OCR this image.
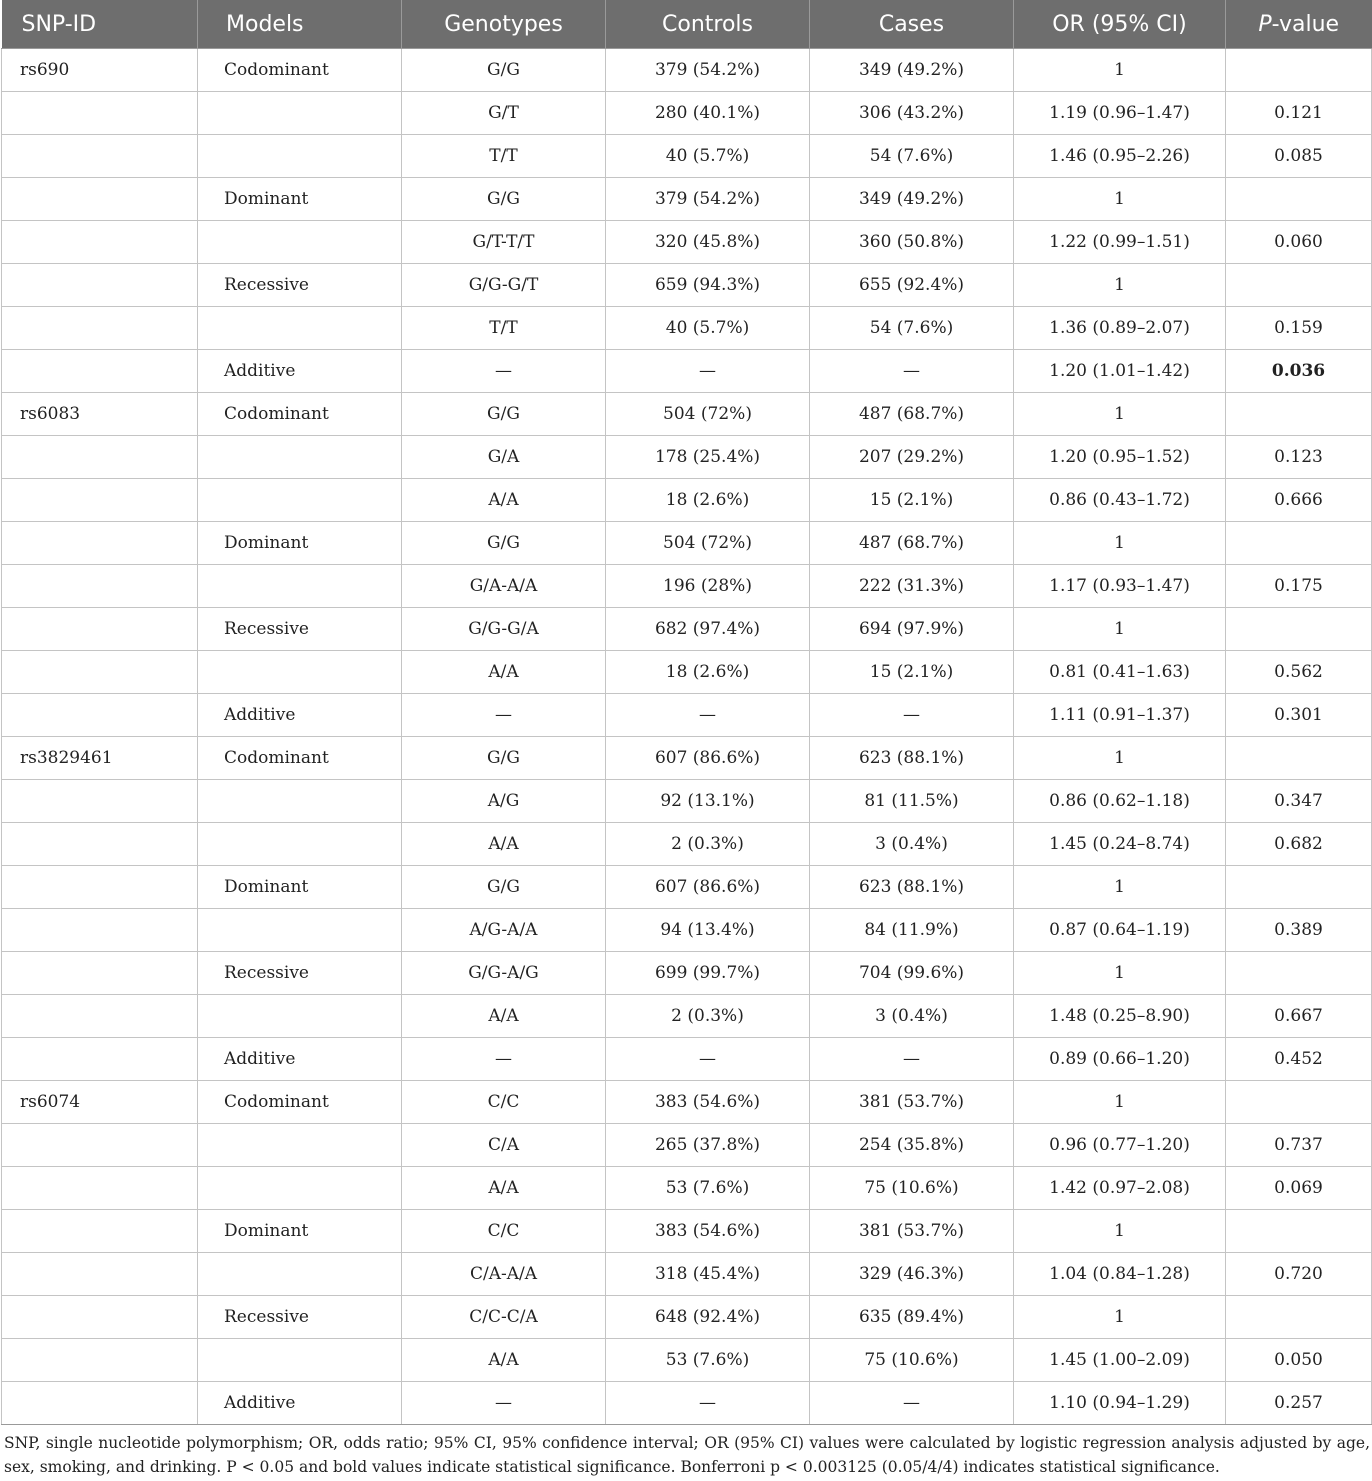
SNP-ID	Models	Genotypes	Controls	Cases	OR (95% CI)	P-value
rs690	Codominant	G/G	379 (54.2%)	349 (49.2%)	1	
		G/T	280 (40.1%)	306 (43.2%)	1.19 (0.96–1.47)	0.121
		T/T	40 (5.7%)	54 (7.6%)	1.46 (0.95–2.26)	0.085
	Dominant	G/G	379 (54.2%)	349 (49.2%)	1	
		G/T-T/T	320 (45.8%)	360 (50.8%)	1.22 (0.99–1.51)	0.060
	Recessive	G/G-G/T	659 (94.3%)	655 (92.4%)	1	
		T/T	40 (5.7%)	54 (7.6%)	1.36 (0.89–2.07)	0.159
	Additive	—	—	—	1.20 (1.01–1.42)	0.036
rs6083	Codominant	G/G	504 (72%)	487 (68.7%)	1	
		G/A	178 (25.4%)	207 (29.2%)	1.20 (0.95–1.52)	0.123
		A/A	18 (2.6%)	15 (2.1%)	0.86 (0.43–1.72)	0.666
	Dominant	G/G	504 (72%)	487 (68.7%)	1	
		G/A-A/A	196 (28%)	222 (31.3%)	1.17 (0.93–1.47)	0.175
	Recessive	G/G-G/A	682 (97.4%)	694 (97.9%)	1	
		A/A	18 (2.6%)	15 (2.1%)	0.81 (0.41–1.63)	0.562
	Additive	—	—	—	1.11 (0.91–1.37)	0.301
rs3829461	Codominant	G/G	607 (86.6%)	623 (88.1%)	1	
		A/G	92 (13.1%)	81 (11.5%)	0.86 (0.62–1.18)	0.347
		A/A	2 (0.3%)	3 (0.4%)	1.45 (0.24–8.74)	0.682
	Dominant	G/G	607 (86.6%)	623 (88.1%)	1	
		A/G-A/A	94 (13.4%)	84 (11.9%)	0.87 (0.64–1.19)	0.389
	Recessive	G/G-A/G	699 (99.7%)	704 (99.6%)	1	
		A/A	2 (0.3%)	3 (0.4%)	1.48 (0.25–8.90)	0.667
	Additive	—	—	—	0.89 (0.66–1.20)	0.452
rs6074	Codominant	C/C	383 (54.6%)	381 (53.7%)	1	
		C/A	265 (37.8%)	254 (35.8%)	0.96 (0.77–1.20)	0.737
		A/A	53 (7.6%)	75 (10.6%)	1.42 (0.97–2.08)	0.069
	Dominant	C/C	383 (54.6%)	381 (53.7%)	1	
		C/A-A/A	318 (45.4%)	329 (46.3%)	1.04 (0.84–1.28)	0.720
	Recessive	C/C-C/A	648 (92.4%)	635 (89.4%)	1	
		A/A	53 (7.6%)	75 (10.6%)	1.45 (1.00–2.09)	0.050
	Additive	—	—	—	1.10 (0.94–1.29)	0.257
SNP, single nucleotide polymorphism; OR, odds ratio; 95% CI, 95% confidence interval; OR (95% CI) values were calculated by logistic regression analysis adjusted by age, sex, smoking, and drinking. P < 0.05 and bold values indicate statistical significance. Bonferroni p < 0.003125 (0.05/4/4) indicates statistical significance.
